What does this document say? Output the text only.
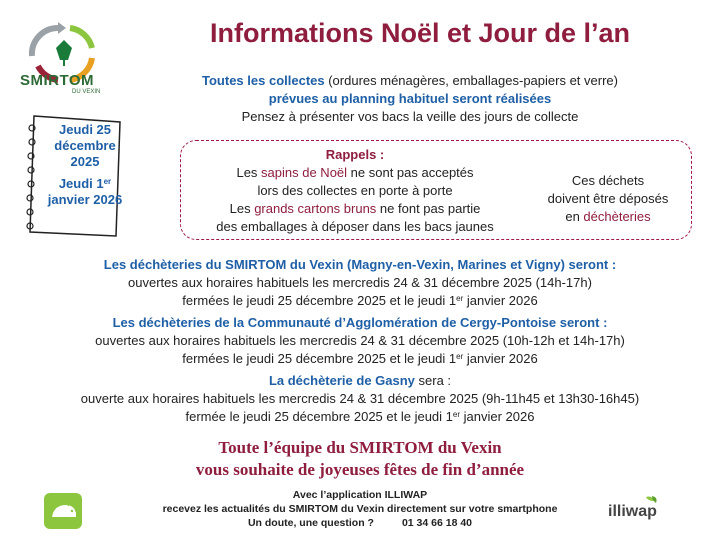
SMIRTOM
DU VEXIN
Informations Noël et Jour de l’an
Toutes les collectes (ordures ménagères, emballages-papiers et verre)
prévues au planning habituel seront réalisées
Pensez à présenter vos bacs la veille des jours de collecte
Jeudi 25 décembre 2025
Jeudi 1er janvier 2026
Rappels :
Les sapins de Noël ne sont pas acceptés
lors des collectes en porte à porte
Les grands cartons bruns ne font pas partie
des emballages à déposer dans les bacs jaunes
Ces déchets
doivent être déposés
en déchèteries
Les déchèteries du SMIRTOM du Vexin (Magny-en-Vexin, Marines et Vigny) seront :
ouvertes aux horaires habituels les mercredis 24 & 31 décembre 2025 (14h-17h)
fermées le jeudi 25 décembre 2025 et le jeudi 1er janvier 2026
Les déchèteries de la Communauté d’Agglomération de Cergy-Pontoise seront :
ouvertes aux horaires habituels les mercredis 24 & 31 décembre 2025 (10h-12h et 14h-17h)
fermées le jeudi 25 décembre 2025 et le jeudi 1er janvier 2026
La déchèterie de Gasny sera :
ouverte aux horaires habituels les mercredis 24 & 31 décembre 2025 (9h-11h45 et 13h30-16h45)
fermée le jeudi 25 décembre 2025 et le jeudi 1er janvier 2026
Toute l’équipe du SMIRTOM du Vexin
vous souhaite de joyeuses fêtes de fin d’année
Avec l’application ILLIWAP
recevez les actualités du SMIRTOM du Vexin directement sur votre smartphone
Un doute, une question ?	01 34 66 18 40
illiwap
